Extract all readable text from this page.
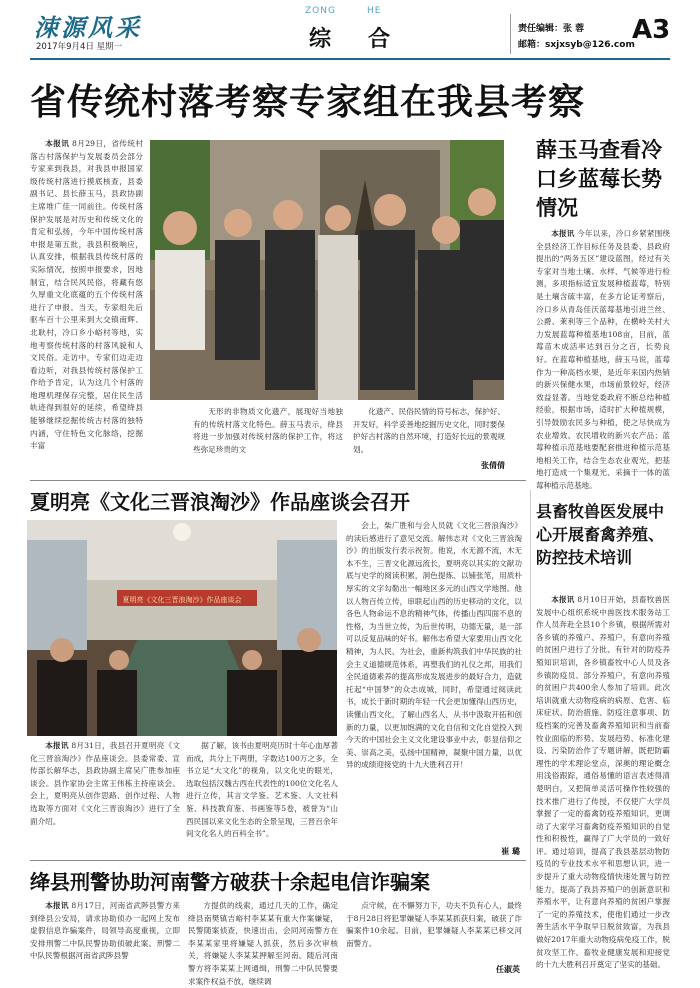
涑源风采
2017年9月4日 星期一
ZONG	HE
综 合	责任编辑：张 蓉
邮箱：sxjxsyb@126.com
A3
省传统村落考察专家组在我县考察

本报讯 8月29日，省传统村落古村落保护与发展委员会部分专家来到我县，对我县申报国家级传统村落进行摸底核查，县委副书记、县长薛玉马，县政协副主席堆广佳一同前往。传统村落保护发展是对历史和传统文化的肯定和弘扬，今年中国传统村落申报是第五批，我县积极响应，认真安排，根据我县传统村落的实际情况，按照申报要求，因地制宜，结合民风民俗，将藏有悠久厚重文化底蕴的五个传统村落进行了申报。当天，专家组先后驱车百十公里来到大交镇南辉、北耿村，冷口乡小峪村等地，实地考察传统村落的村落风貌和人文民俗。走访中，专家们边走边看边听，对我县传统村落保护工作给予肯定，认为这几个村落的地理机理保存完整，居住民生活轨迹得到很好的延续，希望绛县能够继续挖掘传统古村落的独特内涵，守住特色文化脉络，挖掘丰富

无形的非物质文化遗产，展现好当地独有的传统村落文化特色。薛玉马表示，绛县将进一步加强对传统村落的保护工作，将这些弥足珍贵的文

化遗产、民俗民情的符号标志，保护好、开发好，科学妥善地挖掘历史文化，同时要保护好古村落的自然环境，打造好长远的景观规划。

张倩倩
薛玉马查看冷口乡蓝莓长势情况

本报讯 今年以来，冷口乡紧紧围绕全县经济工作目标任务及县委、县政府提出的“两务五区”建设蓝图，经过有关专家对当地土壤、水样、气候等进行检测，多项指标适宜发展种植蓝莓，特别是土壤含硫丰富，在多方论证考察后，冷口乡从青岛佳沃蓝莓基地引进兰丝、公爵、莱利等三个品种，在横岭关村大力发展蓝莓种植基地108亩，目前，蓝莓苗木成活率达到百分之百，长势良好。在蓝莓种植基地，薛玉马说，蓝莓作为一种高档水果，是近年来国内热销的新兴保健水果，市场前景较好，经济效益显著。当地党委政府不断总结种植经验，根据市场，适时扩大种植规模，引导鼓励农民多与种植，使之尽快成为农业增效、农民增收的新兴农产品；蓝莓种植示范基地要配套推进种植示范基地相关工作，结合生态农业观光，把基地打造成一个集观光、采摘于一体的蓝莓种植示范基地。

夏明亮《文化三晋浪淘沙》作品座谈会召开
夏明亮《文化三晋浪淘沙》作品座谈会

会上，柴广胜和与会人员就《文化三晋浪淘沙》的读后感进行了意见交流。解伟志对《文化三晋浪淘沙》的出版发行表示祝贺。他说，水无源不流，木无本不生，三晋文化源远流长，夏明亮以其实的文献功底与史学的阅读积累，洞色提炼、以铺张笔，用质朴厚实的文字勾勒出一幅地区多元的山西文学地图。他以人物百传立传，串联起山西的历史移动的文化，以各色人物命运不息的精神气体，传播山西四面不息的性格，为当世立传，为后世传明，功德无量，是一部可以反复品味的好书。解伟志希望大家要用山西文化精神，为人民、为社会，重新构筑我们中华民族的社会主义道德规范体系，再塑我们的礼仪之邦，用我们全民道德素养的提高形成发展进步的最好合力，造就托起“中国梦”的众志成城，同时，希望通过阅读此书，成长于新时期的年轻一代会更加懂得山西历史，读懂山西文化，了解山西名人，从书中汲取开拓和创新的力量，以更加饱满的文化自信和文化自觉投入到今天的中国社会主义文化建设事业中去，彰显信仰之美、崇高之美，弘扬中国精神，凝聚中国力量，以优异的成绩迎接党的十九大胜利召开！

崔 璐

本报讯 8月31日，我县召开夏明亮《文化三晋浪淘沙》作品座谈会。县委常委、宣传部长解华志，县政协副主席吴广胜参加座谈会。县作家协会主席王伟栋主持座谈会。会上，夏明亮从创作思路、创作过程、人物选取等方面对《文化三晋浪淘沙》进行了全面介绍。

据了解，该书由夏明亮历时十年心血厚著而成，共分上下两册，字数达100万之多，全书立足“大文化”的视角，以文化史的眼光，选取包括汉魏古西在代表性的100位文化名人进行立传，其言文学鉴、艺术鉴、人文社科鉴、科技教育鉴、书画鉴等5卷，被誉为“山西民国以来文化生态的全景呈现，三晋百余年间文化名人的百科全书”。

县畜牧兽医发展中心开展畜禽养殖、防控技术培训

本报讯 8月10日开始，县畜牧兽医发展中心组织系统中兽医技术服务站工作人员奔赴全县10个乡镇，根据所需对各乡镇的养殖户、养殖户，有意向养殖的贫困户进行了分批、有针对的防疫养殖知识培训，各乡镇畜牧中心人员及各乡镇防疫员、部分养殖户，有意向养殖的贫困户共400余人参加了培训。此次培训就重大动物疫病的病原、危害、临床症状、防治措施、防疫注意事项、防疫档案的完善及畜禽养殖知识和当前畜牧业面临的形势、发展趋势、标准化建设、污染防治作了专题讲解，既把防霸理性的学术理论堂点，深奥的理论概念用浅俗跟踪，通俗易懂的语言表述得清楚明白，又把简单灵活可操作性较强的技术推广进行了传授，不仅使广大学员掌握了一定的畜禽防疫养殖知识，更调动了大家学习畜禽防疫养殖知识的自觉性和积极性，赢得了广大学员的一致好评。通过培训，提高了我县基层动物防疫员的专业技术水平和思想认识，进一步提升了重大动物疫情快速处置与防控能力，提高了我县养殖户的创新意识和养殖水平，让有意向养殖的贫困户掌握了一定的养殖技术，使他们通过一步改善生活水平争取早日脱贫致富，为我县做好2017年重大动物疫病免疫工作，脱贫攻坚工作、畜牧业健康发展和迎接党的十九大胜利召开奠定了坚实的基础。

绛县刑警协助河南警方破获十余起电信诈骗案

本报讯 8月17日，河南省武陟县警方来到绛县公安局，请求协助侦办一起网上发布虚假信息诈骗案件，局领导高度重视，立即安排刑警二中队民警协助侦破此案。刑警二中队民警根据河南省武陟县警

方提供的线索，通过几天的工作，确定绛县南樊镇吉峪村李某某有重大作案嫌疑，民警随案侦查，快速出击，会同河南警方在李某某家里将嫌疑人抓获，然后多次审核关，将嫌疑人李某某押解至河南。随后河南警方将李某某上网通缉，刑警二中队民警要求案件权益不放，继续调

点守候，在不懈努力下，功夫不负有心人，最终于8月28日将犯罪嫌疑人李某某抓获归案，破获了诈骗案件10余起。目前，犯罪嫌疑人李某某已移交河南警方。

任淑英
